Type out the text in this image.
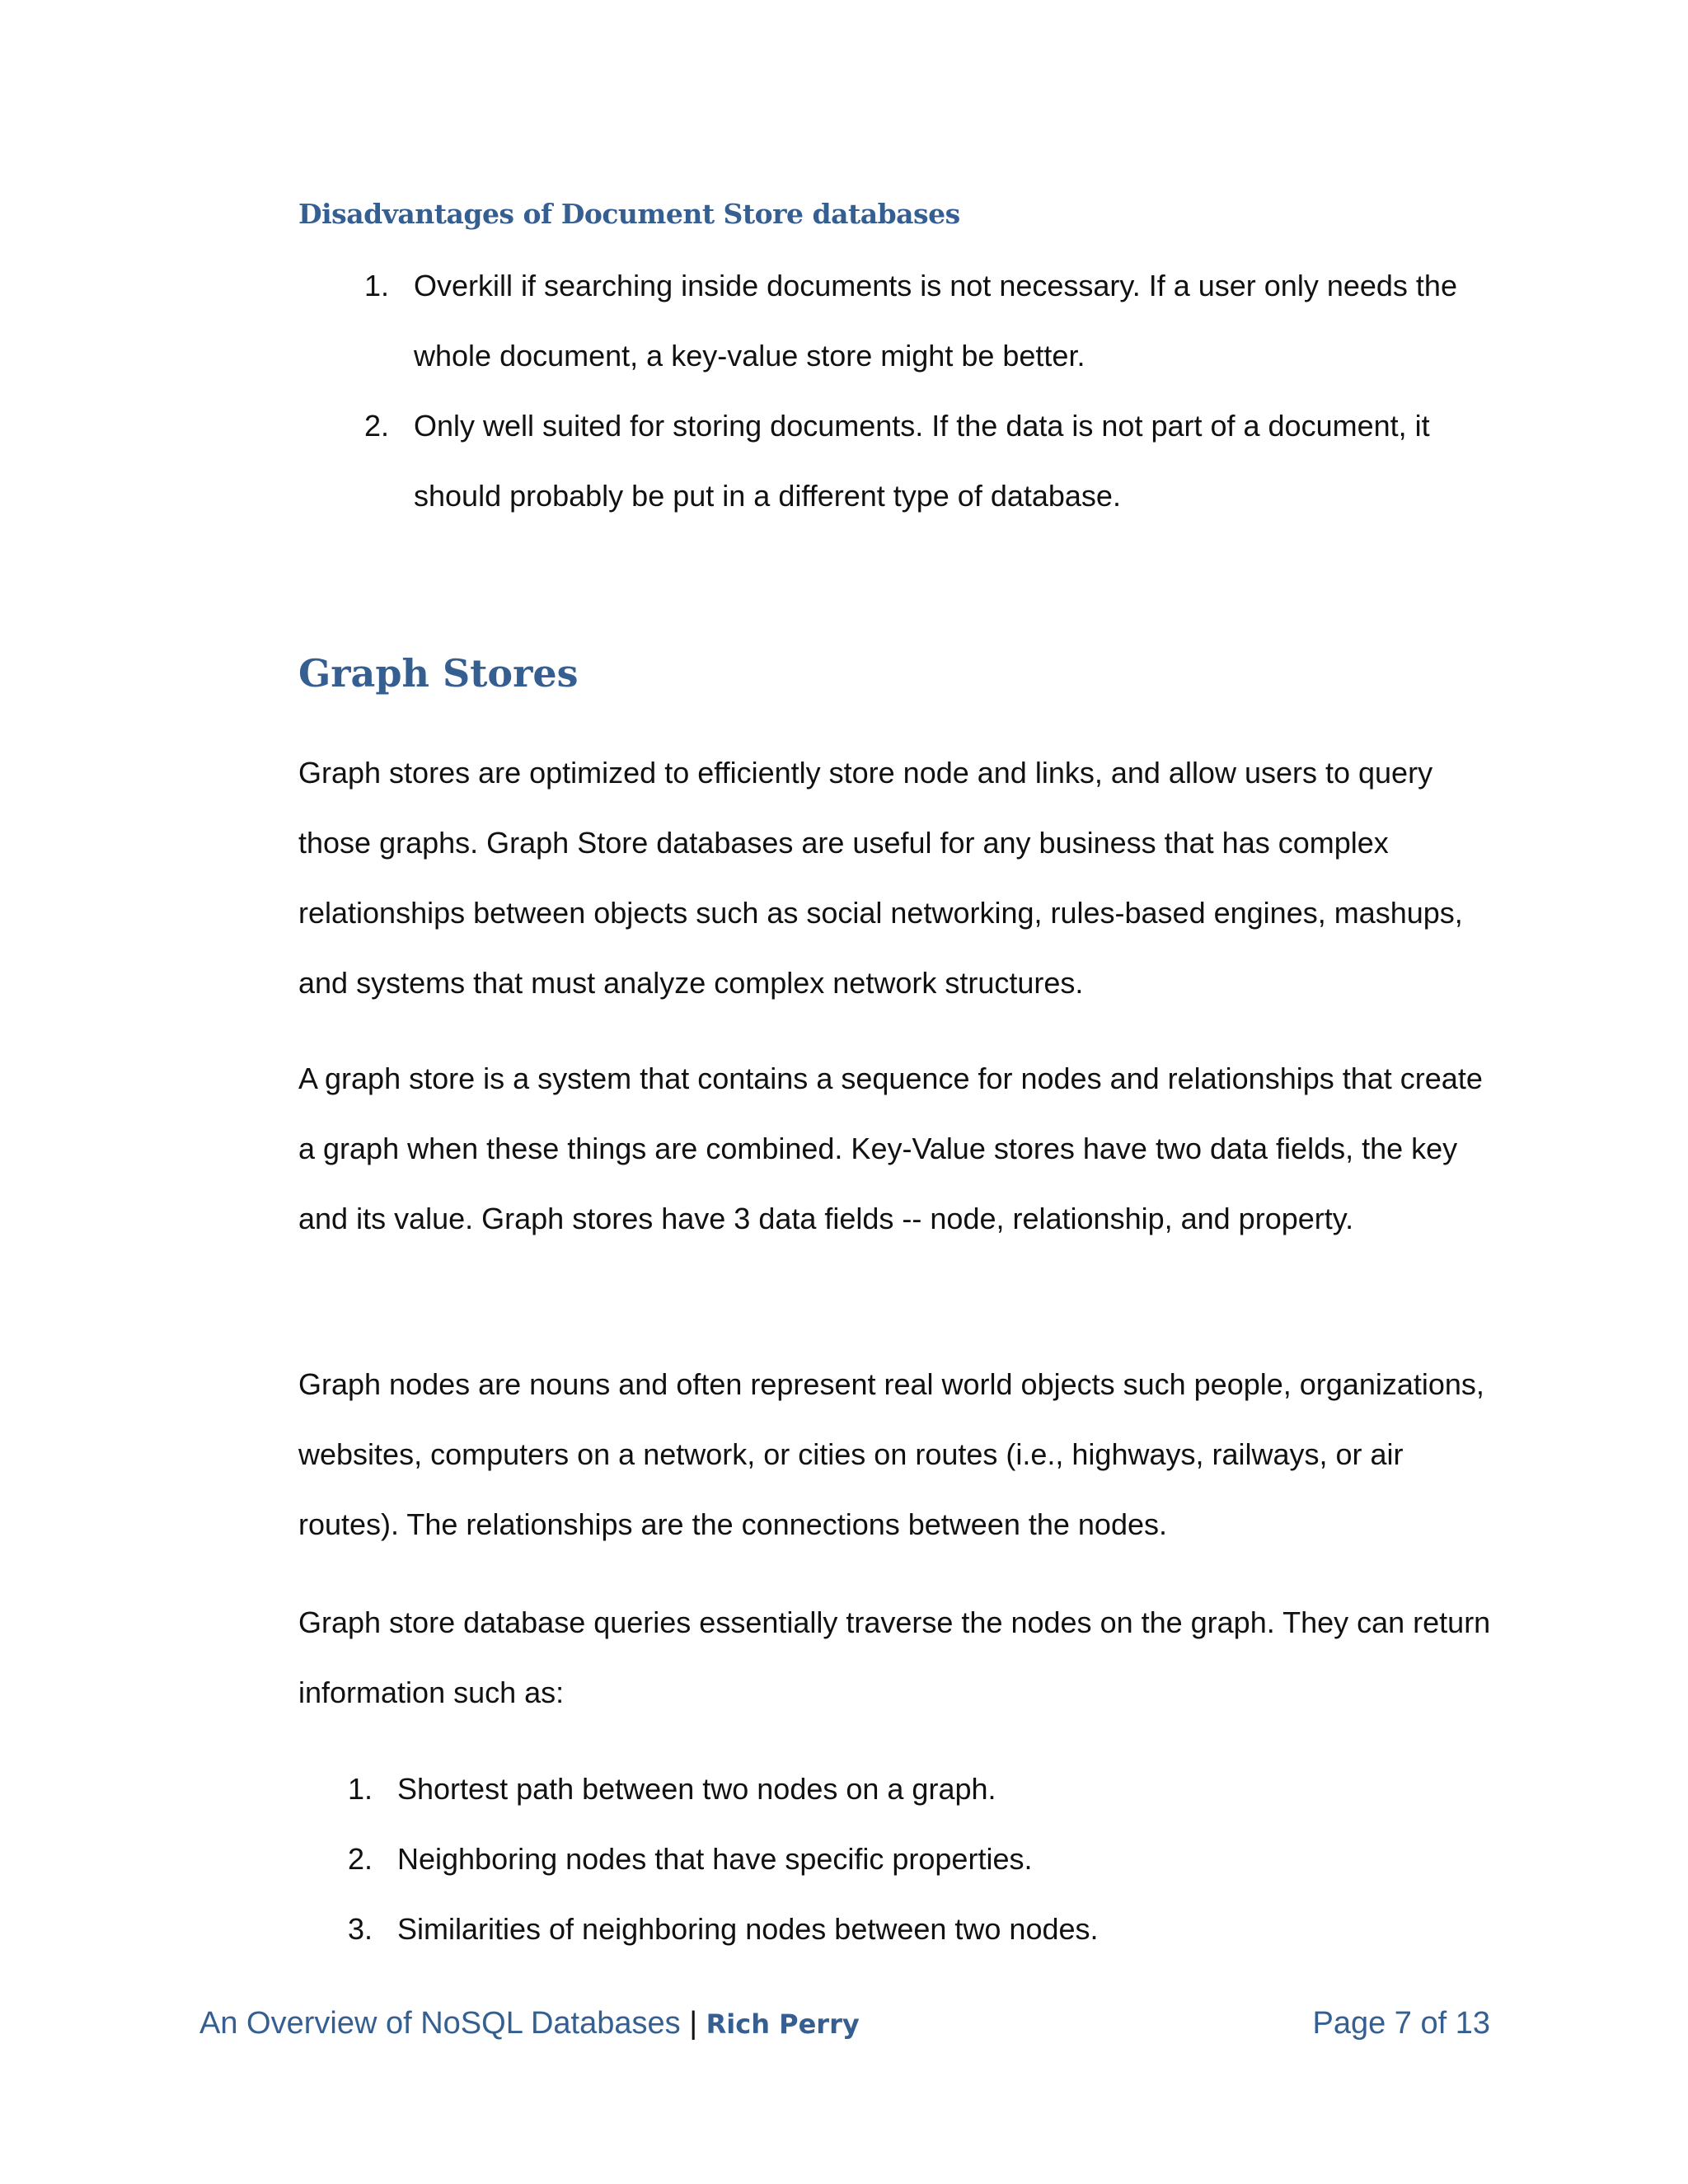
Disadvantages of Document Store databases
1. Overkill if searching inside documents is not necessary. If a user only needs the whole document, a key-value store might be better.
2. Only well suited for storing documents. If the data is not part of a document, it should probably be put in a different type of database.
Graph Stores

Graph stores are optimized to efficiently store node and links, and allow users to query those graphs. Graph Store databases are useful for any business that has complex relationships between objects such as social networking, rules-based engines, mashups, and systems that must analyze complex network structures.

A graph store is a system that contains a sequence for nodes and relationships that create a graph when these things are combined. Key-Value stores have two data fields, the key and its value. Graph stores have 3 data fields -- node, relationship, and property.

Graph nodes are nouns and often represent real world objects such people, organizations, websites, computers on a network, or cities on routes (i.e., highways, railways, or air routes). The relationships are the connections between the nodes.

Graph store database queries essentially traverse the nodes on the graph. They can return information such as:

1. Shortest path between two nodes on a graph.
2. Neighboring nodes that have specific properties.
3. Similarities of neighboring nodes between two nodes.
An Overview of NoSQL Databases | Rich Perry	Page 7 of 13
